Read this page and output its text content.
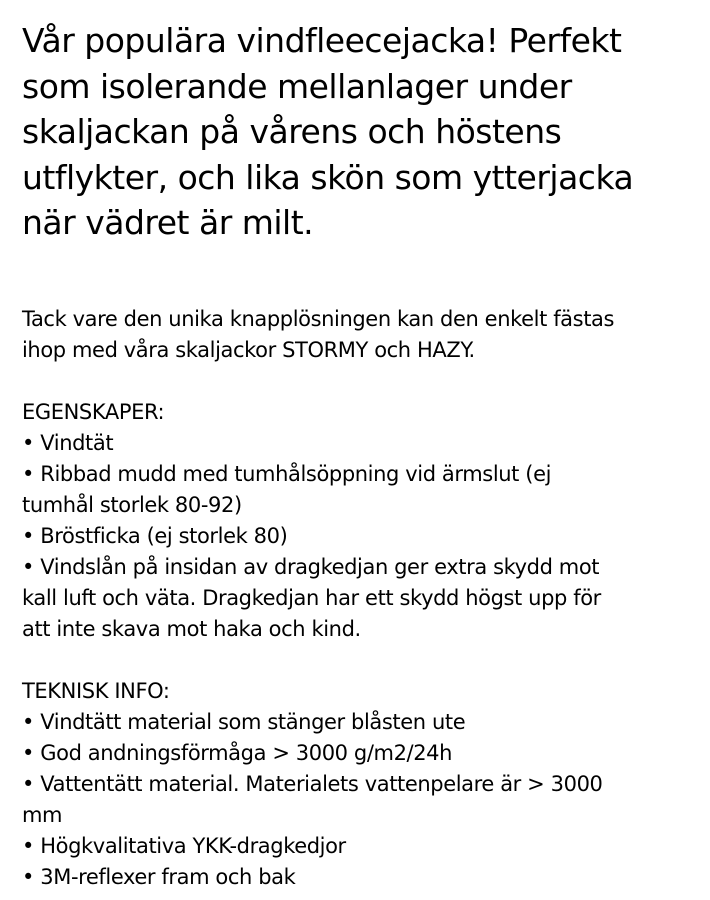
Vår populära vindfleecejacka! Perfekt
som isolerande mellanlager under
skaljackan på vårens och höstens
utflykter, och lika skön som ytterjacka
när vädret är milt.
Tack vare den unika knapplösningen kan den enkelt fästas
ihop med våra skaljackor STORMY och HAZY.
EGENSKAPER:
• Vindtät
• Ribbad mudd med tumhålsöppning vid ärmslut (ej
tumhål storlek 80-92)
• Bröstficka (ej storlek 80)
• Vindslån på insidan av dragkedjan ger extra skydd mot
kall luft och väta. Dragkedjan har ett skydd högst upp för
att inte skava mot haka och kind.
TEKNISK INFO:
• Vindtätt material som stänger blåsten ute
• God andningsförmåga > 3000 g/m2/24h
• Vattentätt material. Materialets vattenpelare är > 3000
mm
• Högkvalitativa YKK-dragkedjor
• 3M-reflexer fram och bak
